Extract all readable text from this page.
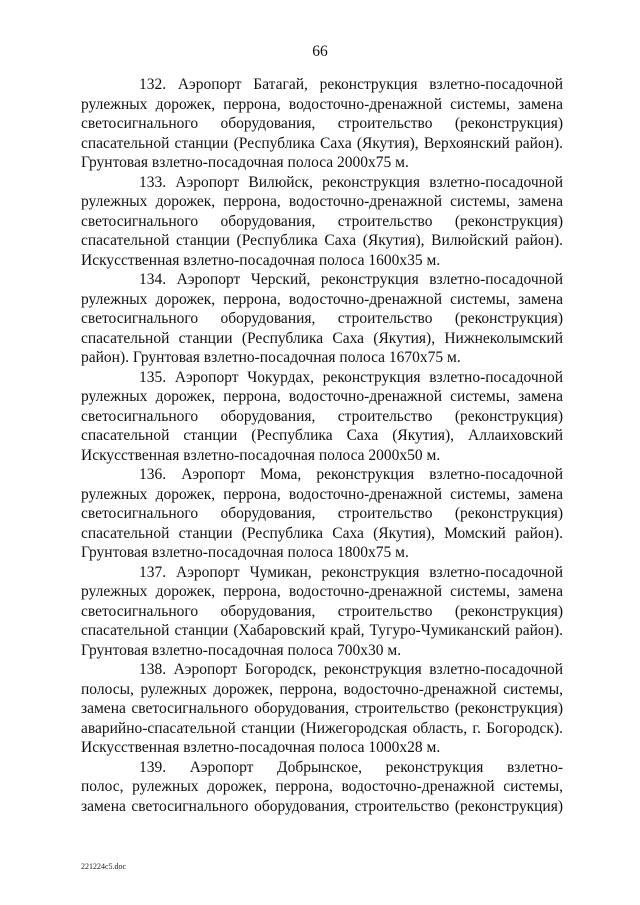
66
132. Аэропорт Батагай, реконструкция взлетно-посадочной
рулежных дорожек, перрона, водосточно-дренажной системы, замена
светосигнального оборудования, строительство (реконструкция)
спасательной станции (Республика Саха (Якутия), Верхоянский район).
Грунтовая взлетно-посадочная полоса 2000х75 м.
133. Аэропорт Вилюйск, реконструкция взлетно-посадочной
рулежных дорожек, перрона, водосточно-дренажной системы, замена
светосигнального оборудования, строительство (реконструкция)
спасательной станции (Республика Саха (Якутия), Вилюйский район).
Искусственная взлетно-посадочная полоса 1600х35 м.
134. Аэропорт Черский, реконструкция взлетно-посадочной
рулежных дорожек, перрона, водосточно-дренажной системы, замена
светосигнального оборудования, строительство (реконструкция)
спасательной станции (Республика Саха (Якутия), Нижнеколымский
район). Грунтовая взлетно-посадочная полоса 1670х75 м.
135. Аэропорт Чокурдах, реконструкция взлетно-посадочной
рулежных дорожек, перрона, водосточно-дренажной системы, замена
светосигнального оборудования, строительство (реконструкция)
спасательной станции (Республика Саха (Якутия), Аллаиховский
Искусственная взлетно-посадочная полоса 2000х50 м.
136. Аэропорт Мома, реконструкция взлетно-посадочной
рулежных дорожек, перрона, водосточно-дренажной системы, замена
светосигнального оборудования, строительство (реконструкция)
спасательной станции (Республика Саха (Якутия), Момский район).
Грунтовая взлетно-посадочная полоса 1800х75 м.
137. Аэропорт Чумикан, реконструкция взлетно-посадочной
рулежных дорожек, перрона, водосточно-дренажной системы, замена
светосигнального оборудования, строительство (реконструкция)
спасательной станции (Хабаровский край, Тугуро-Чумиканский район).
Грунтовая взлетно-посадочная полоса 700х30 м.
138. Аэропорт Богородск, реконструкция взлетно-посадочной
полосы, рулежных дорожек, перрона, водосточно-дренажной системы,
замена светосигнального оборудования, строительство (реконструкция)
аварийно-спасательной станции (Нижегородская область, г. Богородск).
Искусственная взлетно-посадочная полоса 1000х28 м.
139. Аэропорт Добрынское, реконструкция взлетно-
полос, рулежных дорожек, перрона, водосточно-дренажной системы,
замена светосигнального оборудования, строительство (реконструкция)
221224c5.doc
